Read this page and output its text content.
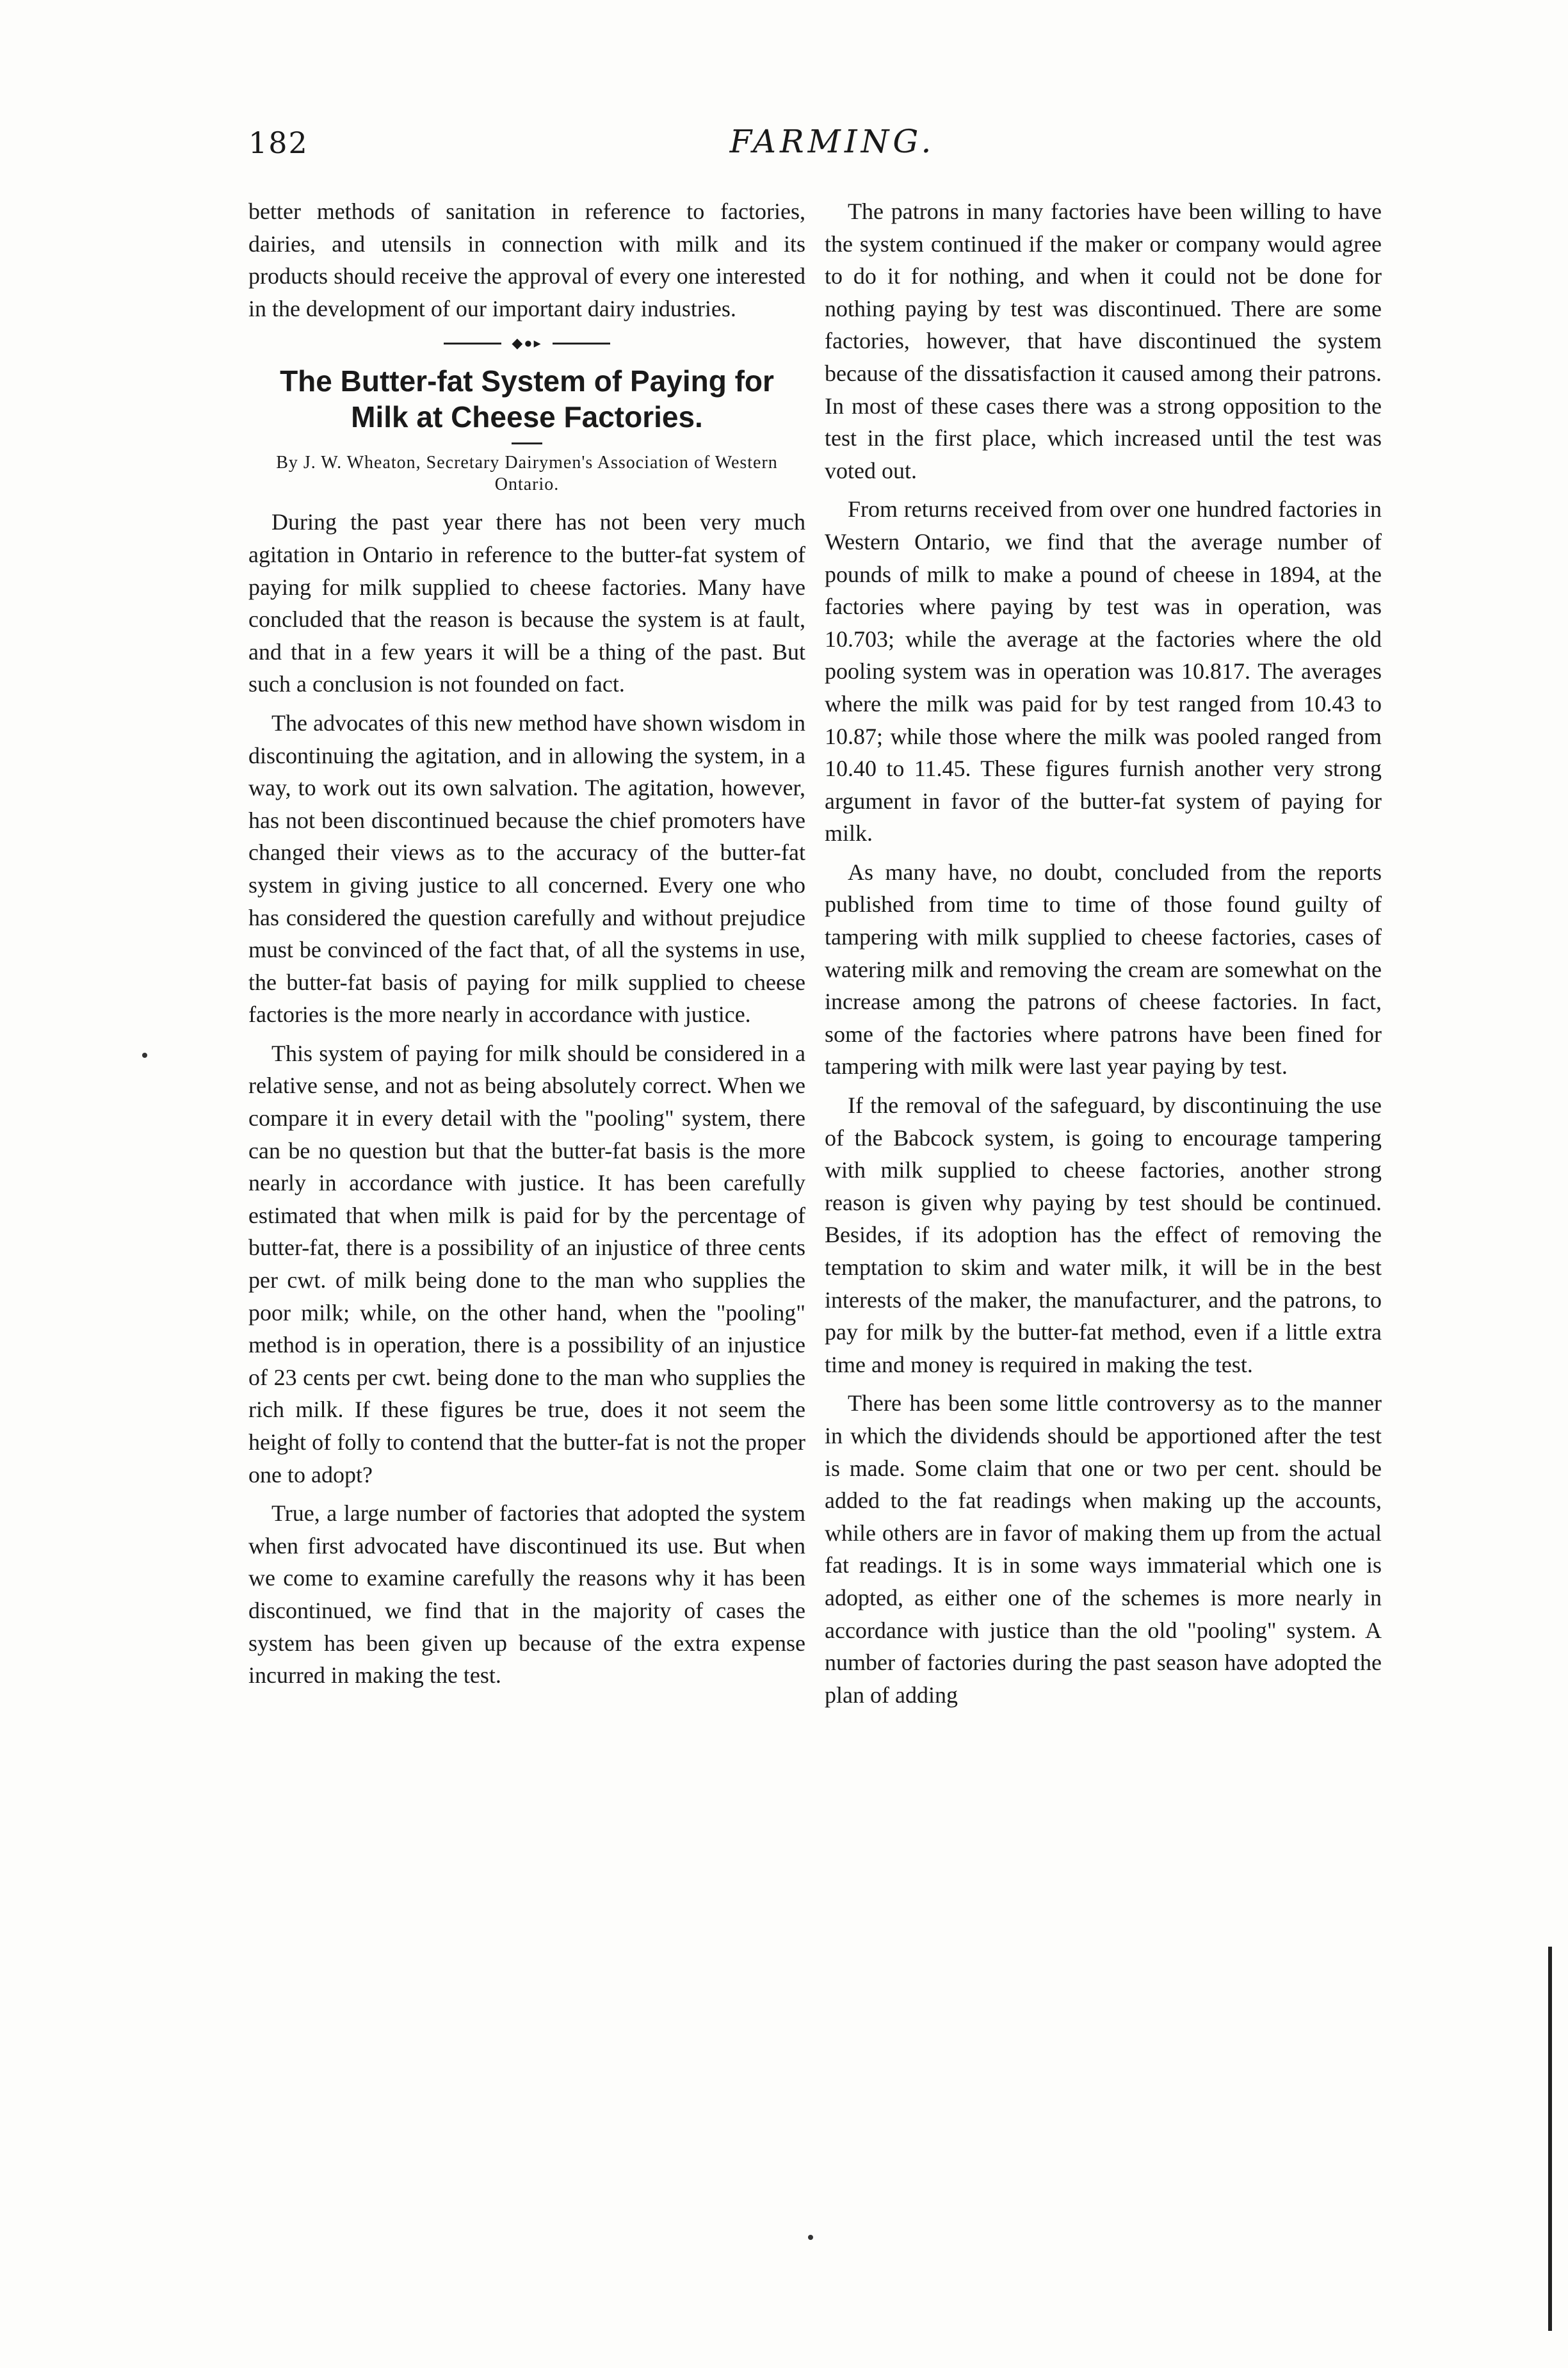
182	FARMING.

better methods of sanitation in reference to factories, dairies, and utensils in connection with milk and its products should receive the approval of every one interested in the development of our important dairy industries.

◆●▸
The Butter-fat System of Paying for Milk at Cheese Factories.
By J. W. Wheaton, Secretary Dairymen's Association of Western Ontario.

During the past year there has not been very much agitation in Ontario in reference to the butter-fat system of paying for milk supplied to cheese factories. Many have concluded that the reason is because the system is at fault, and that in a few years it will be a thing of the past. But such a conclusion is not founded on fact.

The advocates of this new method have shown wisdom in discontinuing the agitation, and in allowing the system, in a way, to work out its own salvation. The agitation, however, has not been discontinued because the chief promoters have changed their views as to the accuracy of the butter-fat system in giving justice to all concerned. Every one who has considered the question carefully and without prejudice must be convinced of the fact that, of all the systems in use, the butter-fat basis of paying for milk supplied to cheese factories is the more nearly in accordance with justice.

This system of paying for milk should be considered in a relative sense, and not as being absolutely correct. When we compare it in every detail with the "pooling" system, there can be no question but that the butter-fat basis is the more nearly in accordance with justice. It has been carefully estimated that when milk is paid for by the percentage of butter-fat, there is a possibility of an injustice of three cents per cwt. of milk being done to the man who supplies the poor milk; while, on the other hand, when the "pooling" method is in operation, there is a possibility of an injustice of 23 cents per cwt. being done to the man who supplies the rich milk. If these figures be true, does it not seem the height of folly to contend that the butter-fat is not the proper one to adopt?

True, a large number of factories that adopted the system when first advocated have discontinued its use. But when we come to examine carefully the reasons why it has been discontinued, we find that in the majority of cases the system has been given up because of the extra expense incurred in making the test.

The patrons in many factories have been willing to have the system continued if the maker or company would agree to do it for nothing, and when it could not be done for nothing paying by test was discontinued. There are some factories, however, that have discontinued the system because of the dissatisfaction it caused among their patrons. In most of these cases there was a strong opposition to the test in the first place, which increased until the test was voted out.

From returns received from over one hundred factories in Western Ontario, we find that the average number of pounds of milk to make a pound of cheese in 1894, at the factories where paying by test was in operation, was 10.703; while the average at the factories where the old pooling system was in operation was 10.817. The averages where the milk was paid for by test ranged from 10.43 to 10.87; while those where the milk was pooled ranged from 10.40 to 11.45. These figures furnish another very strong argument in favor of the butter-fat system of paying for milk.

As many have, no doubt, concluded from the reports published from time to time of those found guilty of tampering with milk supplied to cheese factories, cases of watering milk and removing the cream are somewhat on the increase among the patrons of cheese factories. In fact, some of the factories where patrons have been fined for tampering with milk were last year paying by test.

If the removal of the safeguard, by discontinuing the use of the Babcock system, is going to encourage tampering with milk supplied to cheese factories, another strong reason is given why paying by test should be continued. Besides, if its adoption has the effect of removing the temptation to skim and water milk, it will be in the best interests of the maker, the manufacturer, and the patrons, to pay for milk by the butter-fat method, even if a little extra time and money is required in making the test.

There has been some little controversy as to the manner in which the dividends should be apportioned after the test is made. Some claim that one or two per cent. should be added to the fat readings when making up the accounts, while others are in favor of making them up from the actual fat readings. It is in some ways immaterial which one is adopted, as either one of the schemes is more nearly in accordance with justice than the old "pooling" system. A number of factories during the past season have adopted the plan of adding
